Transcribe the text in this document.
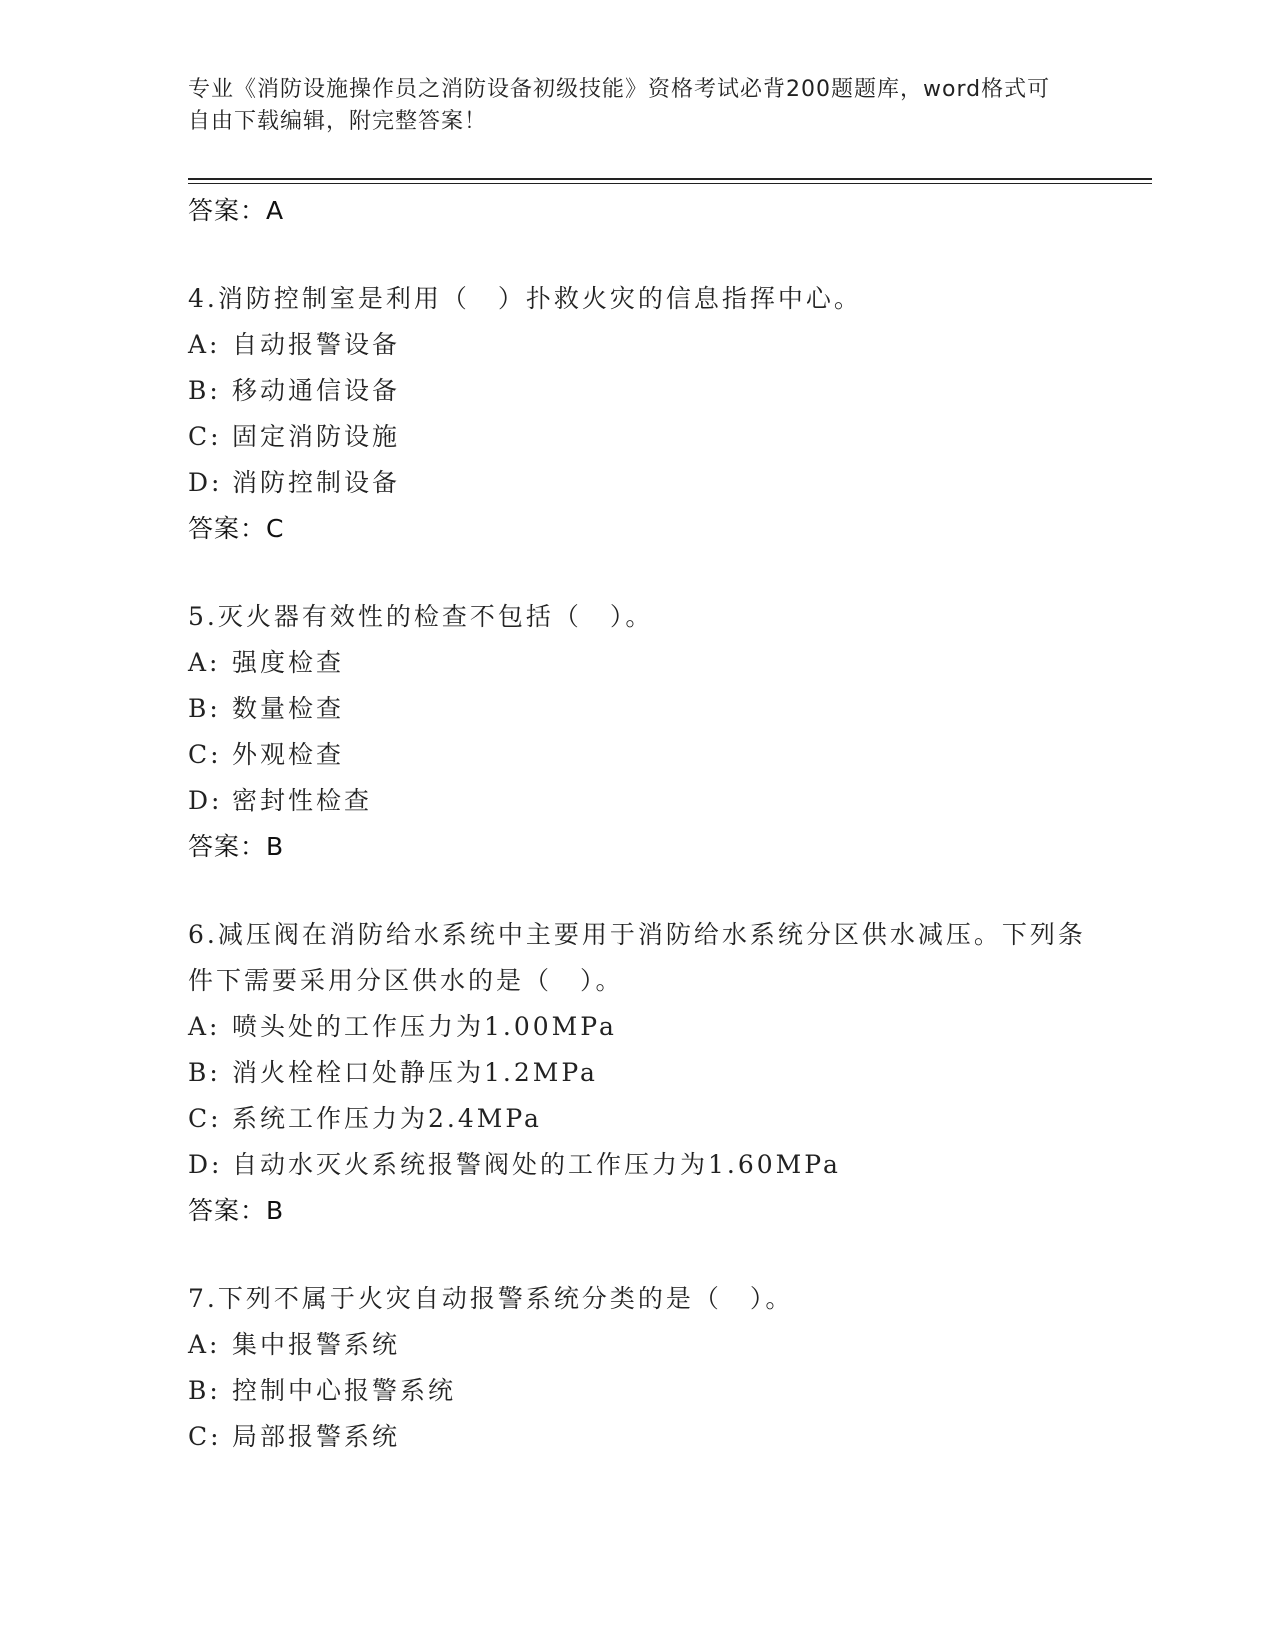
专业《消防设施操作员之消防设备初级技能》资格考试必背200题题库，word格式可自由下载编辑，附完整答案！

答案：A

4.消防控制室是利用（　）扑救火灾的信息指挥中心。

A: 自动报警设备

B: 移动通信设备

C: 固定消防设施

D: 消防控制设备

答案：C

5.灭火器有效性的检查不包括（　）。

A: 强度检查

B: 数量检查

C: 外观检查

D: 密封性检查

答案：B

6.减压阀在消防给水系统中主要用于消防给水系统分区供水减压。下列条件下需要采用分区供水的是（　）。

A: 喷头处的工作压力为1.00MPa

B: 消火栓栓口处静压为1.2MPa

C: 系统工作压力为2.4MPa

D: 自动水灭火系统报警阀处的工作压力为1.60MPa

答案：B

7.下列不属于火灾自动报警系统分类的是（　）。

A: 集中报警系统

B: 控制中心报警系统

C: 局部报警系统
